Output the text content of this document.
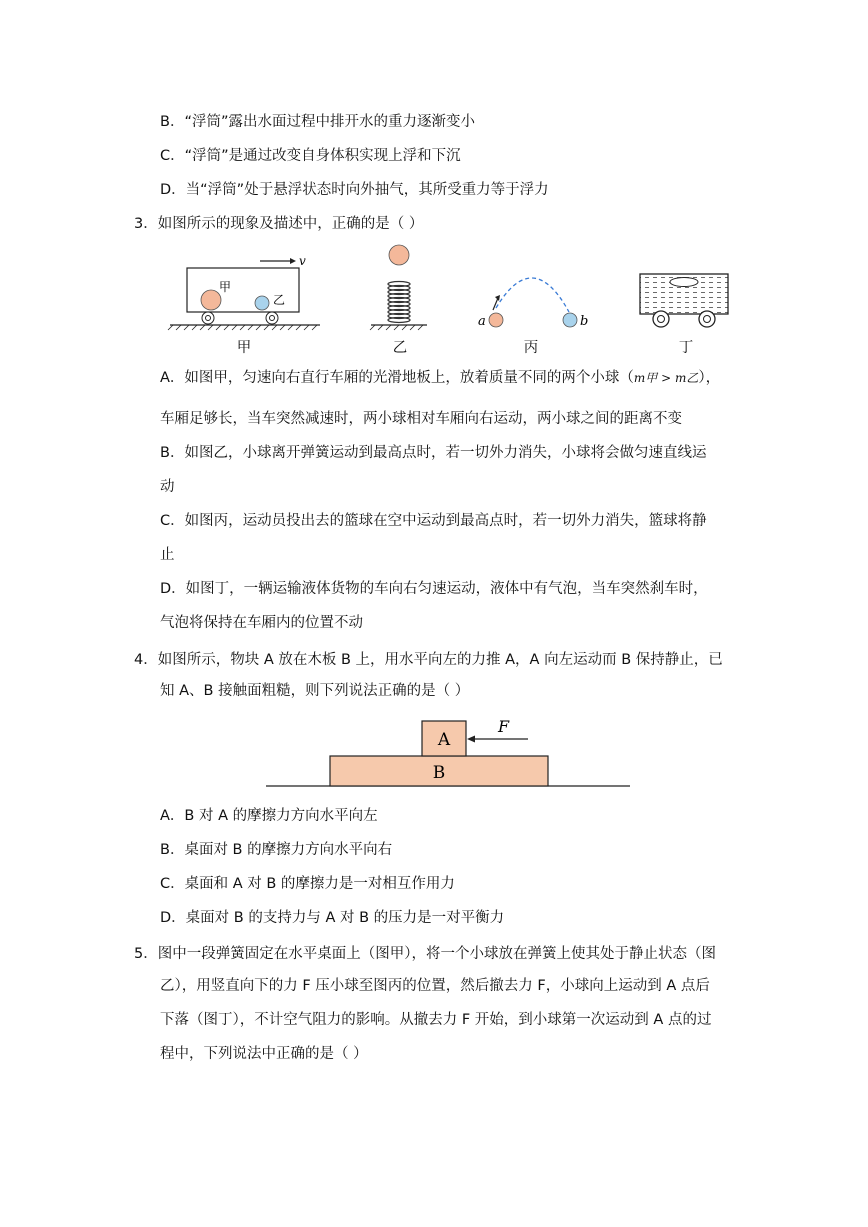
B．“浮筒”露出水面过程中排开水的重力逐渐变小
C．“浮筒”是通过改变自身体积实现上浮和下沉
D．当“浮筒”处于悬浮状态时向外抽气，其所受重力等于浮力
3．如图所示的现象及描述中，正确的是（ ）
v
甲
乙
甲	乙
a	b
丙	丁
A．如图甲，匀速向右直行车厢的光滑地板上，放着质量不同的两个小球（m甲 > m乙），
车厢足够长，当车突然减速时，两小球相对车厢向右运动，两小球之间的距离不变
B．如图乙，小球离开弹簧运动到最高点时，若一切外力消失，小球将会做匀速直线运
动
C．如图丙，运动员投出去的篮球在空中运动到最高点时，若一切外力消失，篮球将静
止
D．如图丁，一辆运输液体货物的车向右匀速运动，液体中有气泡，当车突然刹车时，
气泡将保持在车厢内的位置不动
4．如图所示，物块 A 放在木板 B 上，用水平向左的力推 A，A 向左运动而 B 保持静止，已
知 A、B 接触面粗糙，则下列说法正确的是（ ）
A
B
F
A．B 对 A 的摩擦力方向水平向左
B．桌面对 B 的摩擦力方向水平向右
C．桌面和 A 对 B 的摩擦力是一对相互作用力
D．桌面对 B 的支持力与 A 对 B 的压力是一对平衡力
5．图中一段弹簧固定在水平桌面上（图甲），将一个小球放在弹簧上使其处于静止状态（图
乙），用竖直向下的力 F 压小球至图丙的位置，然后撤去力 F，小球向上运动到 A 点后
下落（图丁），不计空气阻力的影响。从撤去力 F 开始，到小球第一次运动到 A 点的过
程中，下列说法中正确的是（ ）
